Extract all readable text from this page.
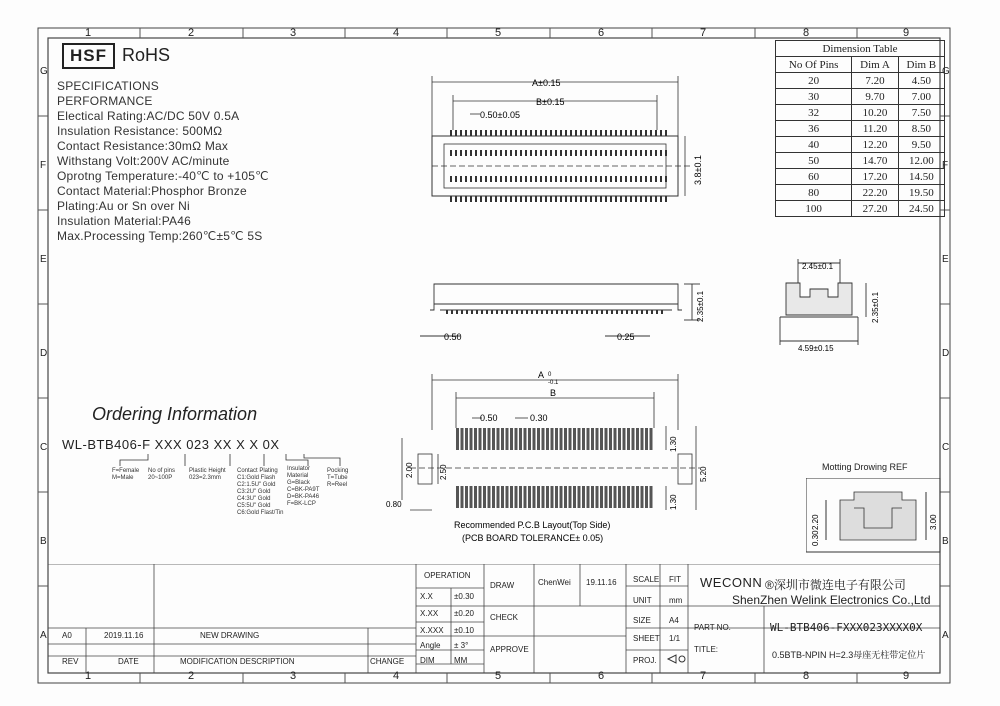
1	2	3	4	5	6	7	8	9
1	2	3	4	5	6	7	8	9
G
F
E
D
C
B
A
G
F
E
D
C
B
A
HSF RoHS
SPECIFICATIONS
PERFORMANCE
Electical Rating:AC/DC 50V 0.5A
Insulation Resistance: 500MΩ
Contact Resistance:30mΩ Max
Withstang Volt:200V AC/minute
Oprotng Temperature:-40℃ to +105℃
Contact Material:Phosphor Bronze
Plating:Au or Sn over Ni
Insulation Material:PA46
Max.Processing Temp:260℃±5℃ 5S
Dimension Table		
No Of Pins	Dim A	Dim B
20	7.20	4.50
30	9.70	7.00
32	10.20	7.50
36	11.20	8.50
40	12.20	9.50
50	14.70	12.00
60	17.20	14.50
80	22.20	19.50
100	27.20	24.50
A±0.15
B±0.15
0.50±0.05
3.8±0.1
0.50	0.25
2.35±0.1
2.45±0.1
4.59±0.15
2.35±0.1
Ordering Information
WL-BTB406-F XXX 023 XX X X 0X
F=Female
M=Male
No of pins
20~100P
Plastic Height
023=2.3mm
Contact Plating
C1:Gold Flash
C2:1.5U" Gold
C3:2U" Gold
C4:3U" Gold
C5:5U" Gold
C6:Gold Flast/Tin
Insulator
Material
G=Black
C=BK-PA9T
D=BK-PA46
F=BK-LCP
Pocking
T=Tube
R=Reel
A 0
-0.1
B
0.50	0.30
1.30
5.20
1.30
2.00	2.50
0.80
Recommended P.C.B Layout(Top Side)
(PCB BOARD TOLERANCE± 0.05)
Motting Drowing REF
2.20
0.30
3.00
A0	2019.11.16	NEW DRAWING
REV	DATE	MODIFICATION DESCRIPTION	CHANGE
OPERATION
X.X	±0.30
X.XX ±0.20
X.XXX ±0.10
Angle ± 3°
DIM MM
DRAW	ChenWei 19.11.16
CHECK
APPROVE
SCALE FIT
UNIT mm
SIZE A4
SHEET 1/1
PROJ.
WECONN ®深圳市微连电子有限公司
ShenZhen Welink Electronics Co.,Ltd
PART NO.	WL-BTB406-FXXX023XXXX0X
TITLE:
0.5BTB-NPIN H=2.3母座无柱带定位片
